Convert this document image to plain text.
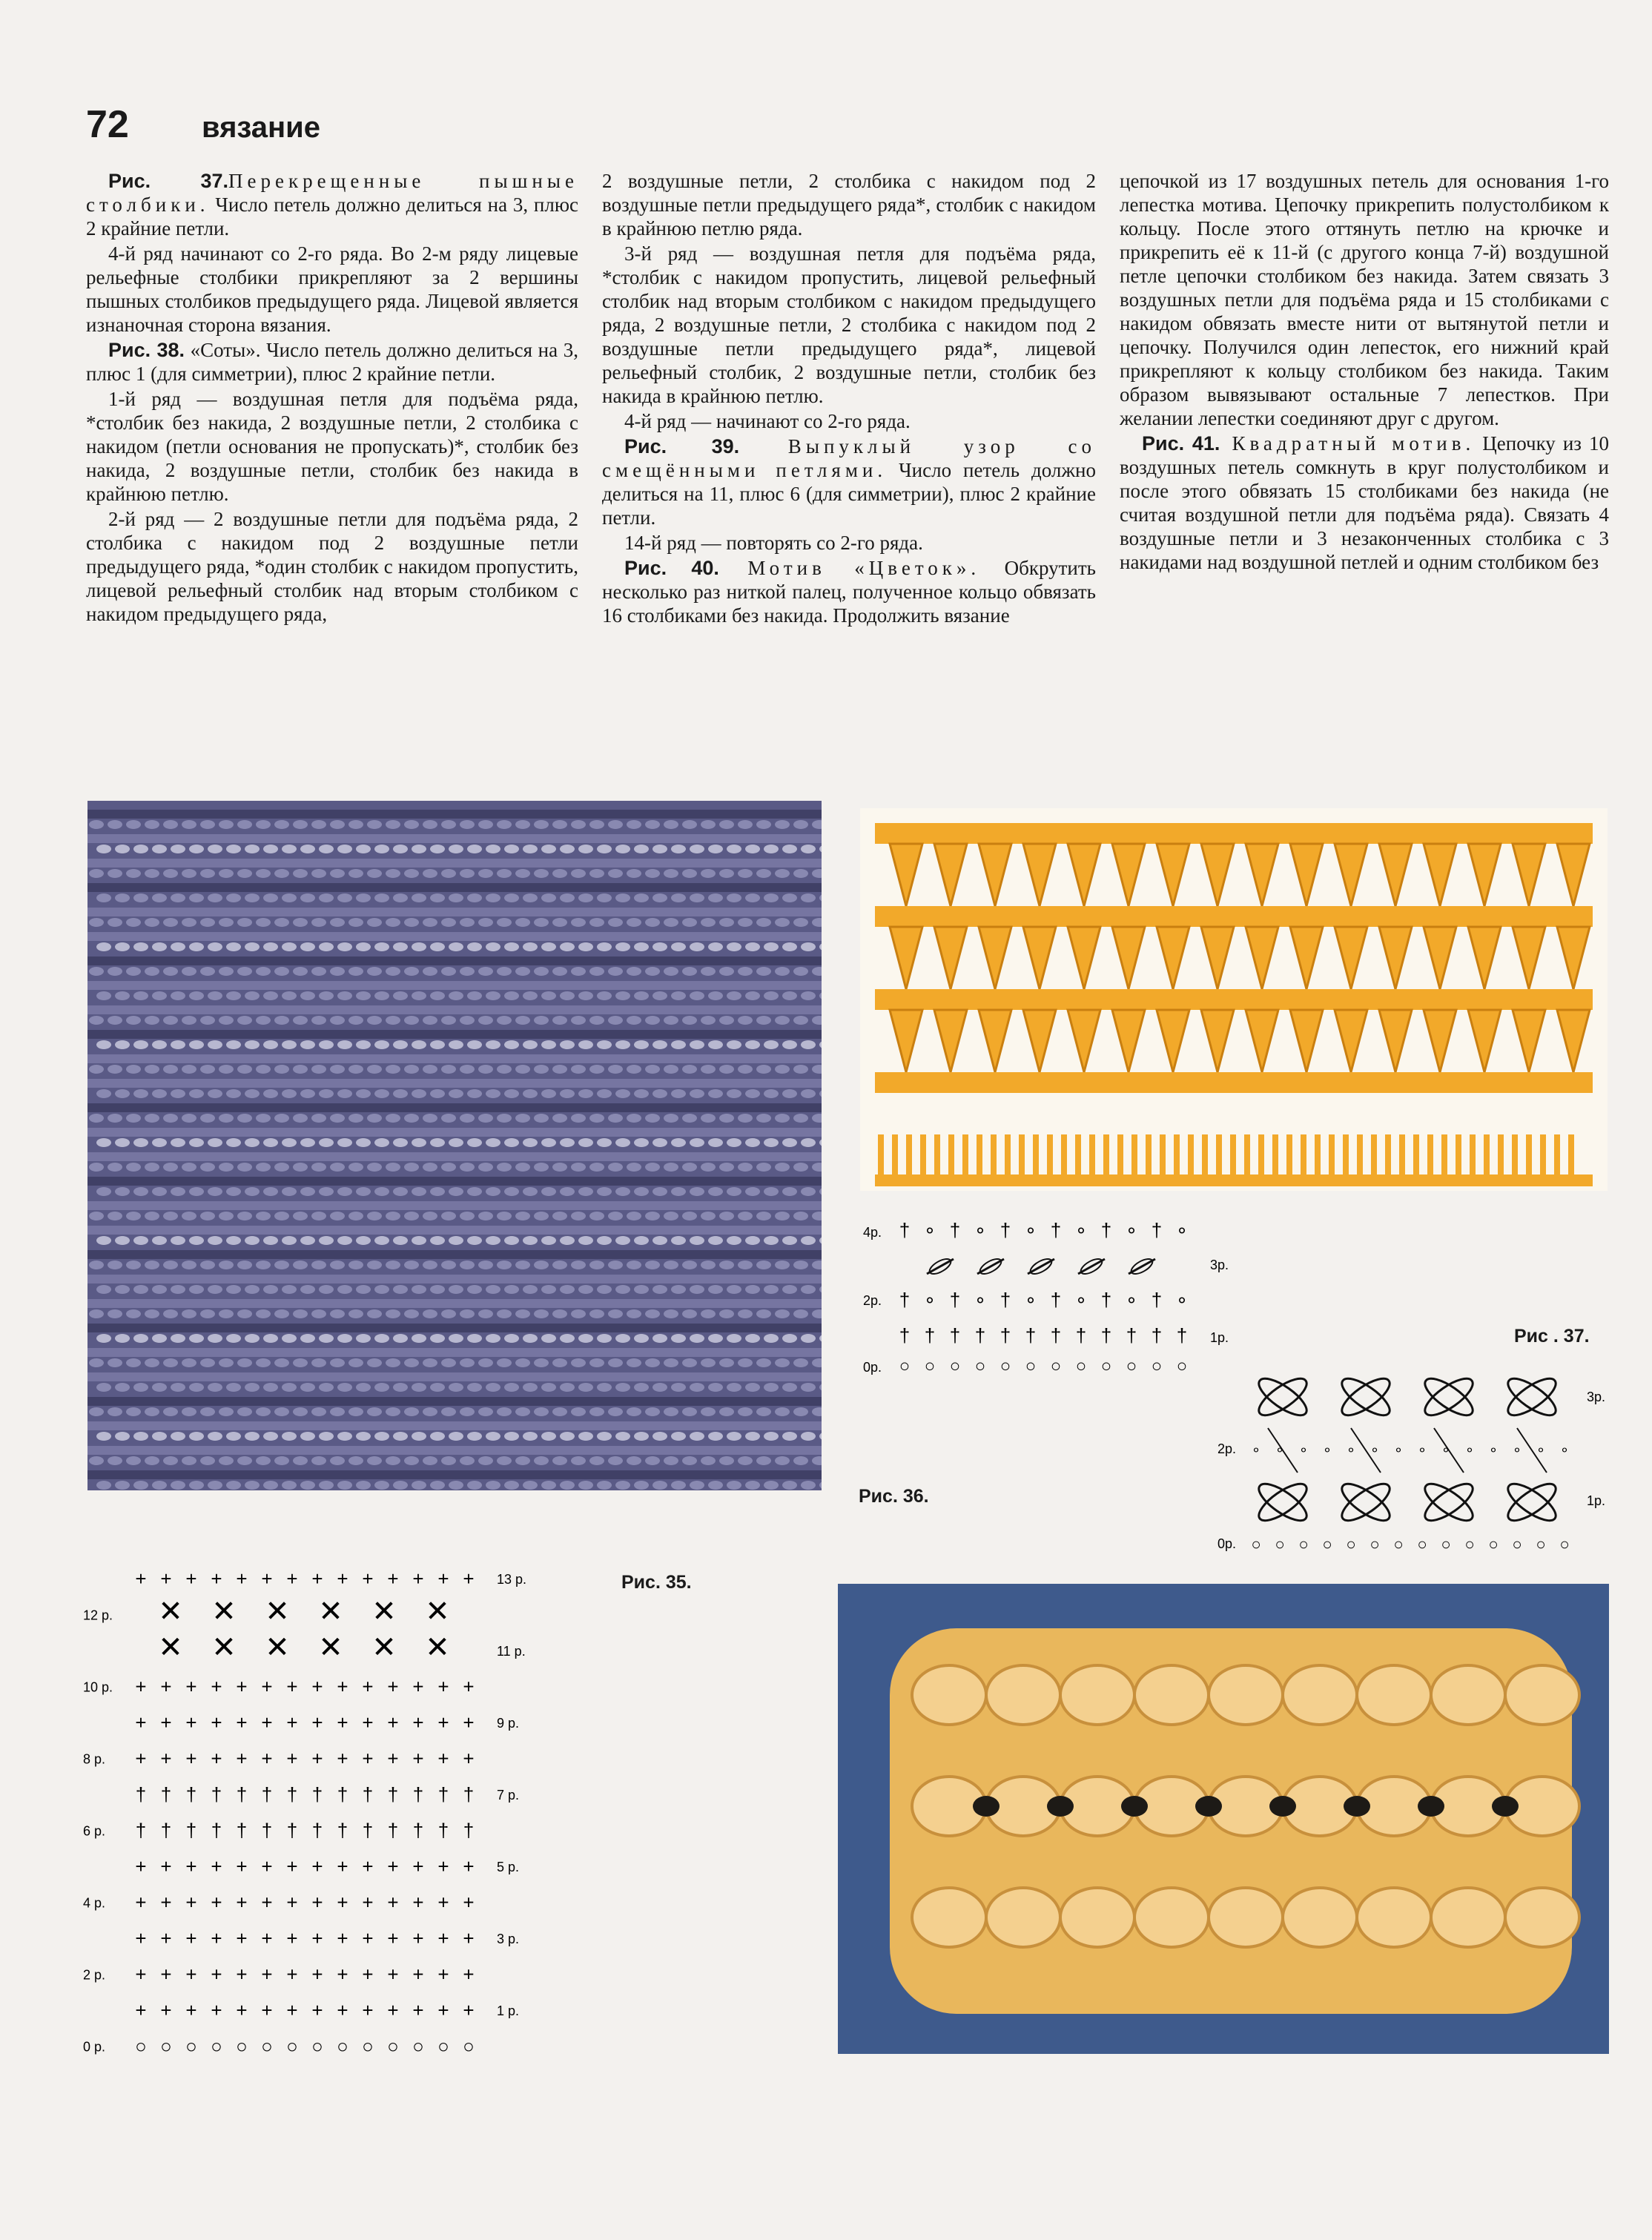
72 вязание

Рис. 37.Перекрещенные пышные столбики. Число петель должно делиться на 3, плюс 2 крайние петли.

4-й ряд начинают со 2-го ряда. Во 2-м ряду лицевые рельефные столбики прикрепляют за 2 вершины пышных столбиков предыдущего ряда. Лицевой является изнаночная сторона вязания.

Рис. 38. «Соты». Число петель должно делиться на 3, плюс 1 (для симметрии), плюс 2 крайние петли.

1-й ряд — воздушная петля для подъёма ряда, *столбик без накида, 2 воздушные петли, 2 столбика с накидом (петли основания не пропускать)*, столбик без накида, 2 воздушные петли, столбик без накида в крайнюю петлю.

2-й ряд — 2 воздушные петли для подъёма ряда, 2 столбика с накидом под 2 воздушные петли предыдущего ряда, *один столбик с накидом пропустить, лицевой рельефный столбик над вторым столбиком с накидом предыдущего ряда,

2 воздушные петли, 2 столбика с накидом под 2 воздушные петли предыдущего ряда*, столбик с накидом в крайнюю петлю ряда.

3-й ряд — воздушная петля для подъёма ряда, *столбик с накидом пропустить, лицевой рельефный столбик над вторым столбиком с накидом предыдущего ряда, 2 воздушные петли, 2 столбика с накидом под 2 воздушные петли предыдущего ряда*, лицевой рельефный столбик, 2 воздушные петли, столбик без накида в крайнюю петлю.

4-й ряд — начинают со 2-го ряда.

Рис. 39. Выпуклый узор со смещёнными петлями. Число петель должно делиться на 11, плюс 6 (для симметрии), плюс 2 крайние петли.

14-й ряд — повторять со 2-го ряда.

Рис. 40. Мотив «Цветок». Обкрутить несколько раз ниткой палец, полученное кольцо обвязать 16 столбиками без накида. Продолжить вязание

цепочкой из 17 воздушных петель для основания 1-го лепестка мотива. Цепочку прикрепить полустолбиком к кольцу. После этого оттянуть петлю на крючке и прикрепить её к 11-й (с другого конца 7-й) воздушной петле цепочки столбиком без накида. Затем связать 3 воздушных петли для подъёма ряда и 15 столбиками с накидом обвязать вместе нити от вытянутой петли и цепочку. Получился один лепесток, его нижний край прикрепляют к кольцу столбиком без накида. Таким образом вывязывают остальные 7 лепестков. При желании лепестки соединяют друг с другом.

Рис. 41. Квадратный мотив. Цепочку из 10 воздушных петель сомкнуть в круг полустолбиком и после этого обвязать 15 столбиками без накида (не считая воздушной петли для подъёма ряда). Связать 4 воздушные петли и 3 незаконченных столбика с 3 накидами над воздушной петлей и одним столбиком без

Рис. 36.
4р.
3р.
2р.
1р.
0р.
†
†
†
○
∘
∘
†
○
†
†
†
○
∘
∘
†
○
†
†
†
○
∘
∘
†
○
†
†
†
○
∘
∘
†
○
†
†
†
○
∘
∘
†
○
†
†
†
○
∘
∘
†
○
Рис . 37.
3р.
2р.
1р.
0р. ○
∘
○
∘
○
∘
○
∘
○
∘
○
∘
○
∘
○
∘
○
∘
○
∘
○
∘
○
∘
○
∘
○
∘
13 р.
+ + + + + + + + + + + + + +
12 р. ✕ ✕ ✕ ✕ ✕ ✕
11 р.
✕ ✕ ✕ ✕ ✕ ✕
10 р. + + + + + + + + + + + + + +
9 р.
+ + + + + + + + + + + + + +
8 р. + + + + + + + + + + + + + +
7 р.
† † † † † † † † † † † † † †
6 р. † † † † † † † † † † † † † †
5 р.
+ + + + + + + + + + + + + +
4 р. + + + + + + + + + + + + + +
3 р.
+ + + + + + + + + + + + + +
2 р. + + + + + + + + + + + + + +
1 р.
+ + + + + + + + + + + + + +
0 р. ○ ○ ○ ○ ○ ○ ○ ○ ○ ○ ○ ○ ○ ○
Рис. 35.
